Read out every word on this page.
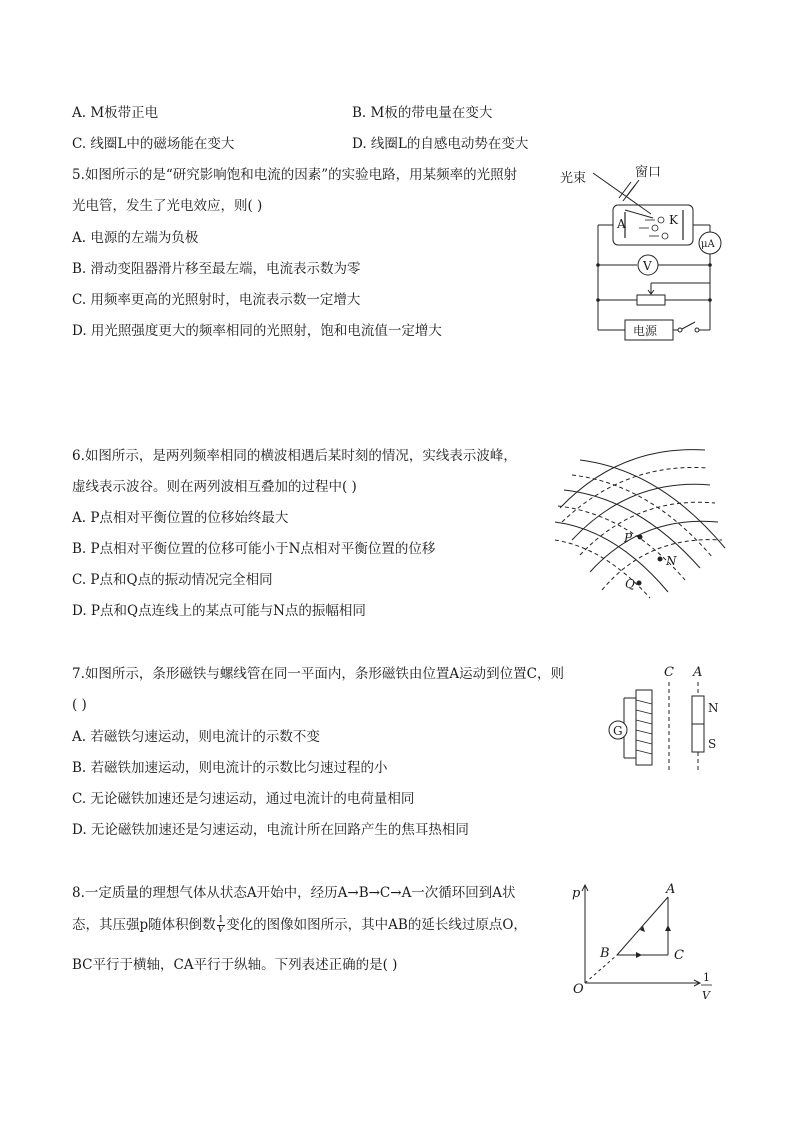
A. M板带正电	B. M板的带电量在变大
C. 线圈L中的磁场能在变大	D. 线圈L的自感电动势在变大
5.如图所示的是“研究影响饱和电流的因素”的实验电路，用某频率的光照射
光电管，发生了光电效应，则( )
A. 电源的左端为负极
B. 滑动变阻器滑片移至最左端，电流表示数为零
C. 用频率更高的光照射时，电流表示数一定增大
D. 用光照强度更大的频率相同的光照射，饱和电流值一定增大
光束	窗口
A	K
μA
V
电源
6.如图所示，是两列频率相同的横波相遇后某时刻的情况，实线表示波峰，
虚线表示波谷。则在两列波相互叠加的过程中( )
A. P点相对平衡位置的位移始终最大
B. P点相对平衡位置的位移可能小于N点相对平衡位置的位移
C. P点和Q点的振动情况完全相同
D. P点和Q点连线上的某点可能与N点的振幅相同
P
N
Q
7.如图所示，条形磁铁与螺线管在同一平面内，条形磁铁由位置A运动到位置C，则
( )
A. 若磁铁匀速运动，则电流计的示数不变
B. 若磁铁加速运动，则电流计的示数比匀速过程的小
C. 无论磁铁加速还是匀速运动，通过电流计的电荷量相同
D. 无论磁铁加速还是匀速运动，电流计所在回路产生的焦耳热相同
C A
G
N
S
8.一定质量的理想气体从状态A开始中，经历A→B→C→A一次循环回到A状
态，其压强p随体积倒数 $\frac{1}{V}$ 变化的图像如图所示，其中AB的延长线过原点O，
BC平行于横轴，CA平行于纵轴。下列表述正确的是( )
p
O
1
V
A
B	C
